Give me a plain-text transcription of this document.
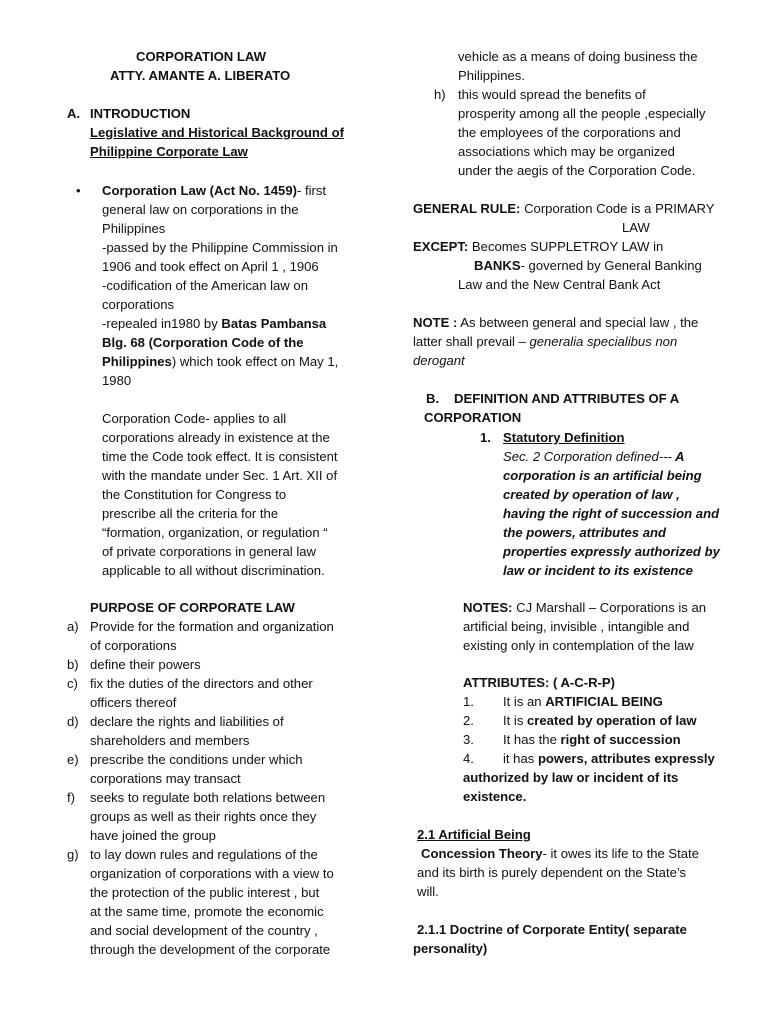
CORPORATION LAW
ATTY. AMANTE A. LIBERATO
A. INTRODUCTION
Legislative and Historical Background of
Philippine Corporate Law
• Corporation Law (Act No. 1459)- first
general law on corporations in the
Philippines
-passed by the Philippine Commission in
1906 and took effect on April 1 , 1906
-codification of the American law on
corporations
-repealed in1980 by Batas Pambansa
Blg. 68 (Corporation Code of the
Philippines) which took effect on May 1,
1980
Corporation Code- applies to all
corporations already in existence at the
time the Code took effect. It is consistent
with the mandate under Sec. 1 Art. XII of
the Constitution for Congress to
prescribe all the criteria for the
“formation, organization, or regulation “
of private corporations in general law
applicable to all without discrimination.
PURPOSE OF CORPORATE LAW
a) Provide for the formation and organization
of corporations
b) define their powers
c) fix the duties of the directors and other
officers thereof
d) declare the rights and liabilities of
shareholders and members
e) prescribe the conditions under which
corporations may transact
f) seeks to regulate both relations between
groups as well as their rights once they
have joined the group
g) to lay down rules and regulations of the
organization of corporations with a view to
the protection of the public interest , but
at the same time, promote the economic
and social development of the country ,
through the development of the corporate
vehicle as a means of doing business the
Philippines.
h) this would spread the benefits of
prosperity among all the people ,especially
the employees of the corporations and
associations which may be organized
under the aegis of the Corporation Code.
GENERAL RULE: Corporation Code is a PRIMARY
LAW
EXCEPT: Becomes SUPPLETROY LAW in
BANKS- governed by General Banking
Law and the New Central Bank Act
NOTE : As between general and special law , the
latter shall prevail – generalia specialibus non
derogant
B. DEFINITION AND ATTRIBUTES OF A
CORPORATION
1. Statutory Definition
Sec. 2 Corporation defined--- A
corporation is an artificial being
created by operation of law ,
having the right of succession and
the powers, attributes and
properties expressly authorized by
law or incident to its existence
NOTES: CJ Marshall – Corporations is an
artificial being, invisible , intangible and
existing only in contemplation of the law
ATTRIBUTES: ( A-C-R-P)
1. It is an ARTIFICIAL BEING
2. It is created by operation of law
3. It has the right of succession
4. it has powers, attributes expressly
authorized by law or incident of its
existence.
2.1 Artificial Being
Concession Theory- it owes its life to the State
and its birth is purely dependent on the State’s
will.
2.1.1 Doctrine of Corporate Entity( separate
personality)
